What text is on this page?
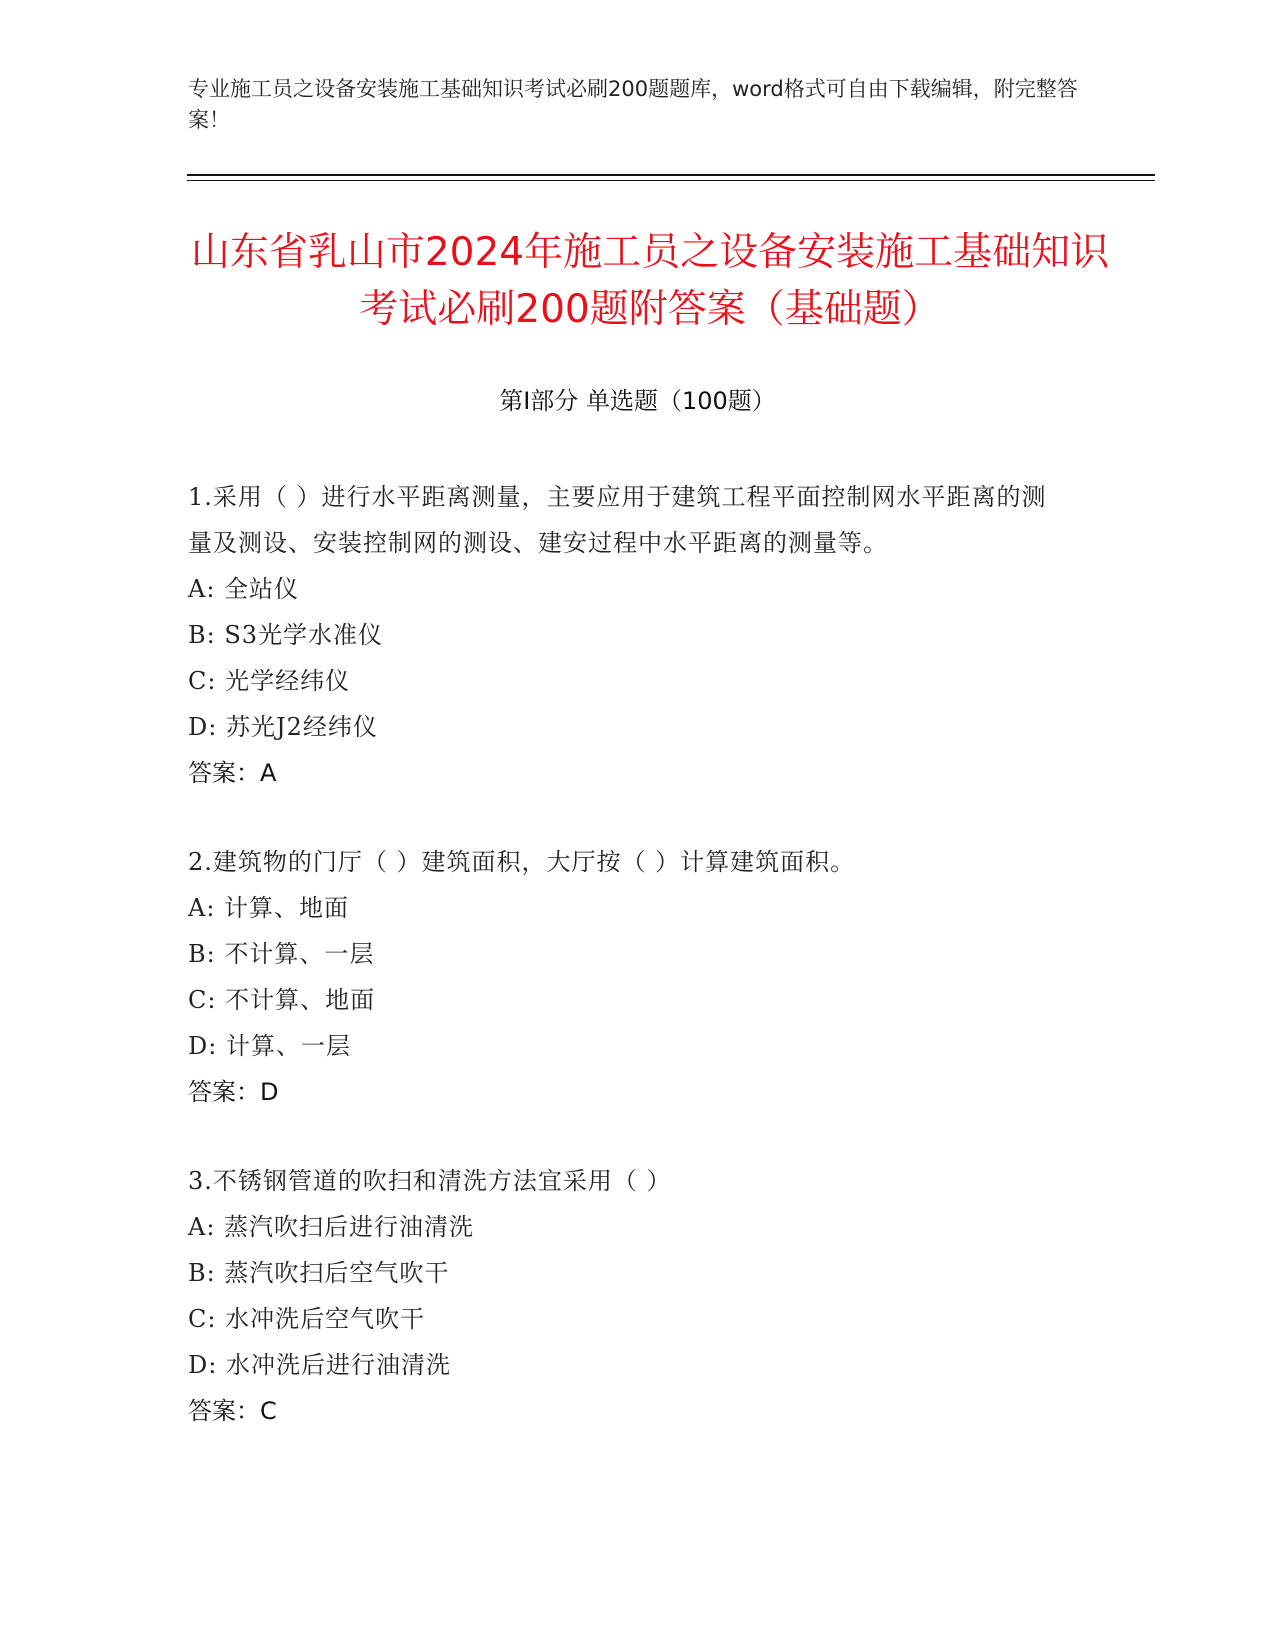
专业施工员之设备安装施工基础知识考试必刷200题题库，word格式可自由下载编辑，附完整答案！
山东省乳山市2024年施工员之设备安装施工基础知识考试必刷200题附答案（基础题）
第Ⅰ部分 单选题（100题）
1.采用（ ）进行水平距离测量，主要应用于建筑工程平面控制网水平距离的测量及测设、安装控制网的测设、建安过程中水平距离的测量等。
A: 全站仪
B: S3光学水准仪
C: 光学经纬仪
D: 苏光J2经纬仪
答案：A
2.建筑物的门厅（ ）建筑面积，大厅按（ ）计算建筑面积。
A: 计算、地面
B: 不计算、一层
C: 不计算、地面
D: 计算、一层
答案：D
3.不锈钢管道的吹扫和清洗方法宜采用（ ）
A: 蒸汽吹扫后进行油清洗
B: 蒸汽吹扫后空气吹干
C: 水冲洗后空气吹干
D: 水冲洗后进行油清洗
答案：C
